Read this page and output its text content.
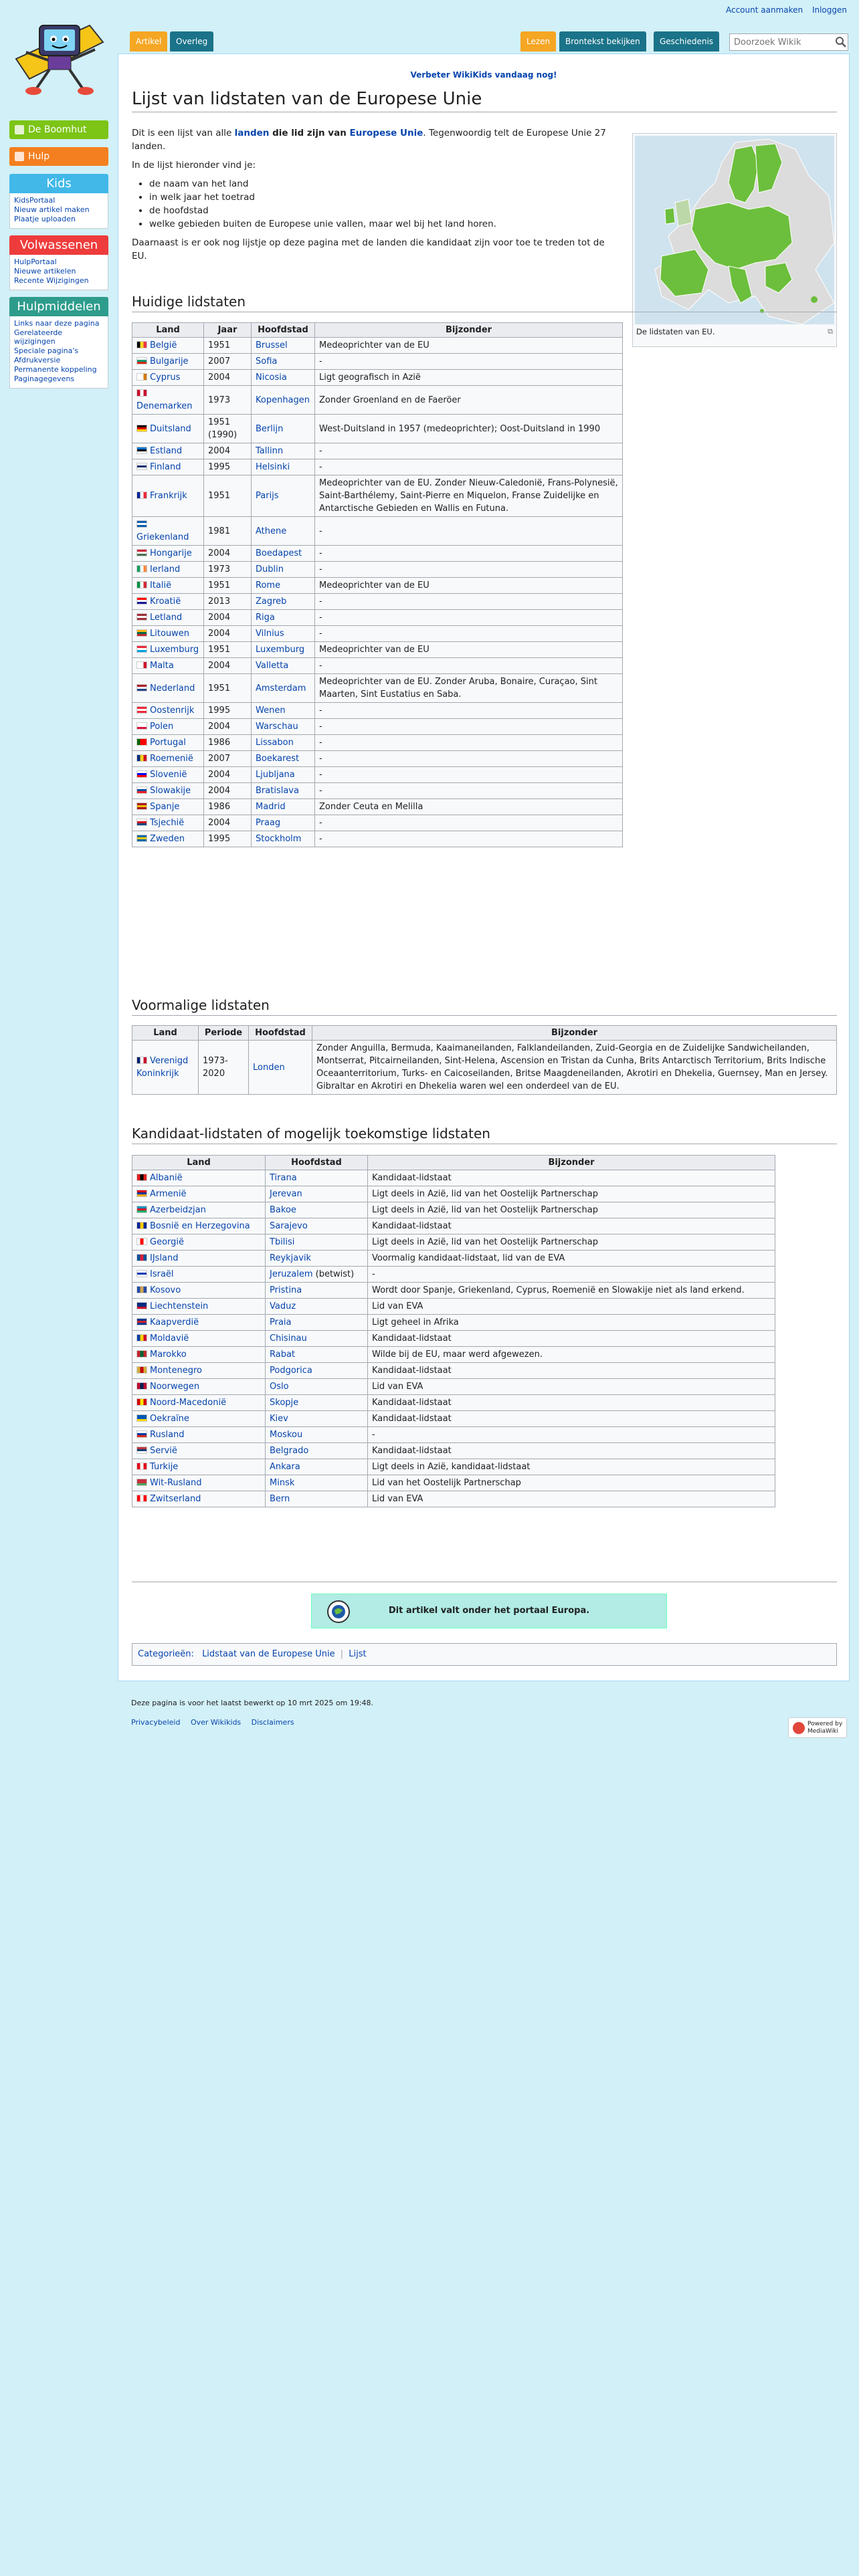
Account aanmaken Inloggen
De Boomhut
Hulp
Kids
KidsPortaal
Nieuw artikel maken
Plaatje uploaden
Volwassenen
HulpPortaal
Nieuwe artikelen
Recente Wijzigingen
Hulpmiddelen
Links naar deze pagina
Gerelateerde wijzigingen
Speciale pagina's
Afdrukversie
Permanente koppeling
Paginagegevens
Artikel	Overleg	Lezen	Brontekst bekijken	Geschiedenis
Doorzoek Wikik
Verbeter WikiKids vandaag nog!
Lijst van lidstaten van de Europese Unie

Dit is een lijst van alle landen die lid zijn van Europese Unie. Tegenwoordig telt de Europese Unie 27 landen.

In de lijst hieronder vind je:

• de naam van het land
• in welk jaar het toetrad
• de hoofdstad
• welke gebieden buiten de Europese unie vallen, maar wel bij het land horen.

Daarnaast is er ook nog lijstje op deze pagina met de landen die kandidaat zijn voor toe te treden tot de EU.

De lidstaten van EU.	⧉
Huidige lidstaten
Land	Jaar	Hoofdstad	Bijzonder
België	1951	Brussel	Medeoprichter van de EU
Bulgarije	2007	Sofia	-
Cyprus	2004	Nicosia	Ligt geografisch in Azië
Denemarken	1973	Kopenhagen	Zonder Groenland en de Faeröer
Duitsland	1951 (1990)	Berlijn	West-Duitsland in 1957 (medeoprichter); Oost-Duitsland in 1990
Estland	2004	Tallinn	-
Finland	1995	Helsinki	-
Frankrijk	1951	Parijs	Medeoprichter van de EU. Zonder Nieuw-Caledonië, Frans-Polynesië, Saint-Barthélemy, Saint-Pierre en Miquelon, Franse Zuidelijke en Antarctische Gebieden en Wallis en Futuna.
Griekenland	1981	Athene	-
Hongarije	2004	Boedapest	-
Ierland	1973	Dublin	-
Italië	1951	Rome	Medeoprichter van de EU
Kroatië	2013	Zagreb	-
Letland	2004	Riga	-
Litouwen	2004	Vilnius	-
Luxemburg	1951	Luxemburg	Medeoprichter van de EU
Malta	2004	Valletta	-
Nederland	1951	Amsterdam	Medeoprichter van de EU. Zonder Aruba, Bonaire, Curaçao, Sint Maarten, Sint Eustatius en Saba.
Oostenrijk	1995	Wenen	-
Polen	2004	Warschau	-
Portugal	1986	Lissabon	-
Roemenië	2007	Boekarest	-
Slovenië	2004	Ljubljana	-
Slowakije	2004	Bratislava	-
Spanje	1986	Madrid	Zonder Ceuta en Melilla
Tsjechië	2004	Praag	-
Zweden	1995	Stockholm	-
Voormalige lidstaten
Land	Periode	Hoofdstad	Bijzonder
Verenigd Koninkrijk	1973-2020	Londen	Zonder Anguilla, Bermuda, Kaaimaneilanden, Falklandeilanden, Zuid-Georgia en de Zuidelijke Sandwicheilanden, Montserrat, Pitcairneilanden, Sint-Helena, Ascension en Tristan da Cunha, Brits Antarctisch Territorium, Brits Indische Oceaanterritorium, Turks- en Caicoseilanden, Britse Maagdeneilanden, Akrotiri en Dhekelia, Guernsey, Man en Jersey. Gibraltar en Akrotiri en Dhekelia waren wel een onderdeel van de EU.
Kandidaat-lidstaten of mogelijk toekomstige lidstaten
Land	Hoofdstad	Bijzonder
Albanië	Tirana	Kandidaat-lidstaat
Armenië	Jerevan	Ligt deels in Azië, lid van het Oostelijk Partnerschap
Azerbeidzjan	Bakoe	Ligt deels in Azië, lid van het Oostelijk Partnerschap
Bosnië en Herzegovina	Sarajevo	Kandidaat-lidstaat
Georgië	Tbilisi	Ligt deels in Azië, lid van het Oostelijk Partnerschap
IJsland	Reykjavik	Voormalig kandidaat-lidstaat, lid van de EVA
Israël	Jeruzalem (betwist)	-
Kosovo	Pristina	Wordt door Spanje, Griekenland, Cyprus, Roemenië en Slowakije niet als land erkend.
Liechtenstein	Vaduz	Lid van EVA
Kaapverdië	Praia	Ligt geheel in Afrika
Moldavië	Chisinau	Kandidaat-lidstaat
Marokko	Rabat	Wilde bij de EU, maar werd afgewezen.
Montenegro	Podgorica	Kandidaat-lidstaat
Noorwegen	Oslo	Lid van EVA
Noord-Macedonië	Skopje	Kandidaat-lidstaat
Oekraïne	Kiev	Kandidaat-lidstaat
Rusland	Moskou	-
Servië	Belgrado	Kandidaat-lidstaat
Turkije	Ankara	Ligt deels in Azië, kandidaat-lidstaat
Wit-Rusland	Minsk	Lid van het Oostelijk Partnerschap
Zwitserland	Bern	Lid van EVA
Dit artikel valt onder het portaal Europa.
Categorieën: Lidstaat van de Europese Unie | Lijst
Deze pagina is voor het laatst bewerkt op 10 mrt 2025 om 19:48.
Privacybeleid Over Wikikids Disclaimers	Powered by MediaWiki
